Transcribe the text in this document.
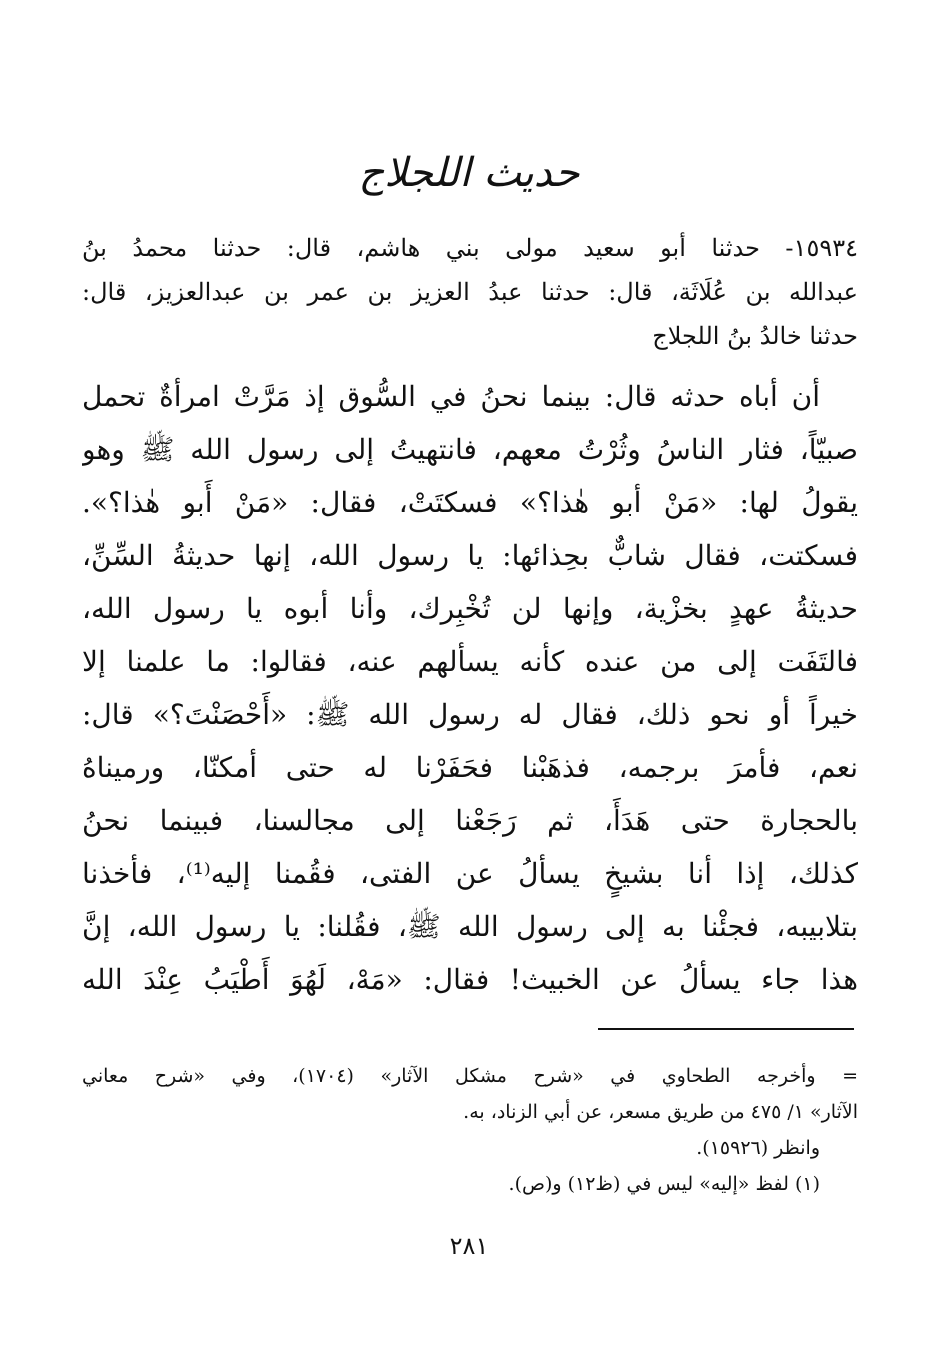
حديث اللجلاج
١٥٩٣٤- حدثنا أبو سعيد مولى بني هاشم، قال: حدثنا محمدُ بنُ
عبدالله بن عُلَاثَة، قال: حدثنا عبدُ العزيز بن عمر بن عبدالعزيز، قال:
حدثنا خالدُ بنُ اللجلاج
أن أباه حدثه قال: بينما نحنُ في السُّوق إذ مَرَّتْ امرأةٌ تحمل
صبيّاً، فثار الناسُ وثُرْتُ معهم، فانتهيتُ إلى رسول الله ﷺ وهو
يقولُ لها: «مَنْ أبو هٰذا؟» فسكتَتْ، فقال: «مَنْ أَبو هٰذا؟».
فسكتت، فقال شابٌّ بحِذائها: يا رسول الله، إنها حديثةُ السِّنِّ،
حديثةُ عهدٍ بخزْية، وإنها لن تُخْبِرك، وأنا أبوه يا رسول الله،
فالتَفَت إلى من عنده كأنه يسألهم عنه، فقالوا: ما علمنا إلا
خيراً أو نحو ذلك، فقال له رسول الله ﷺ: «أَحْصَنْتَ؟» قال:
نعم، فأمرَ برجمه، فذهَبْنا فحَفَرْنا له حتى أمكنّا، ورميناهُ
بالحجارة حتى هَدَأَ، ثم رَجَعْنا إلى مجالسنا، فبينما نحنُ
كذلك، إذا أنا بشيخٍ يسألُ عن الفتى، فقُمنا إليه⁽¹⁾، فأخذنا
بتلابيبه، فجئْنا به إلى رسول الله ﷺ، فقُلنا: يا رسول الله، إنَّ
هذا جاء يسألُ عن الخبيث! فقال: «مَهْ، لَهُوَ أَطْيَبُ عِنْدَ الله
= وأخرجه الطحاوي في «شرح مشكل الآثار» (١٧٠٤)، وفي «شرح معاني
الآثار» ١/ ٤٧٥ من طريق مسعر، عن أبي الزناد، به.
وانظر (١٥٩٢٦).
(١) لفظ «إليه» ليس في (ظ١٢) و(ص).
٢٨١
